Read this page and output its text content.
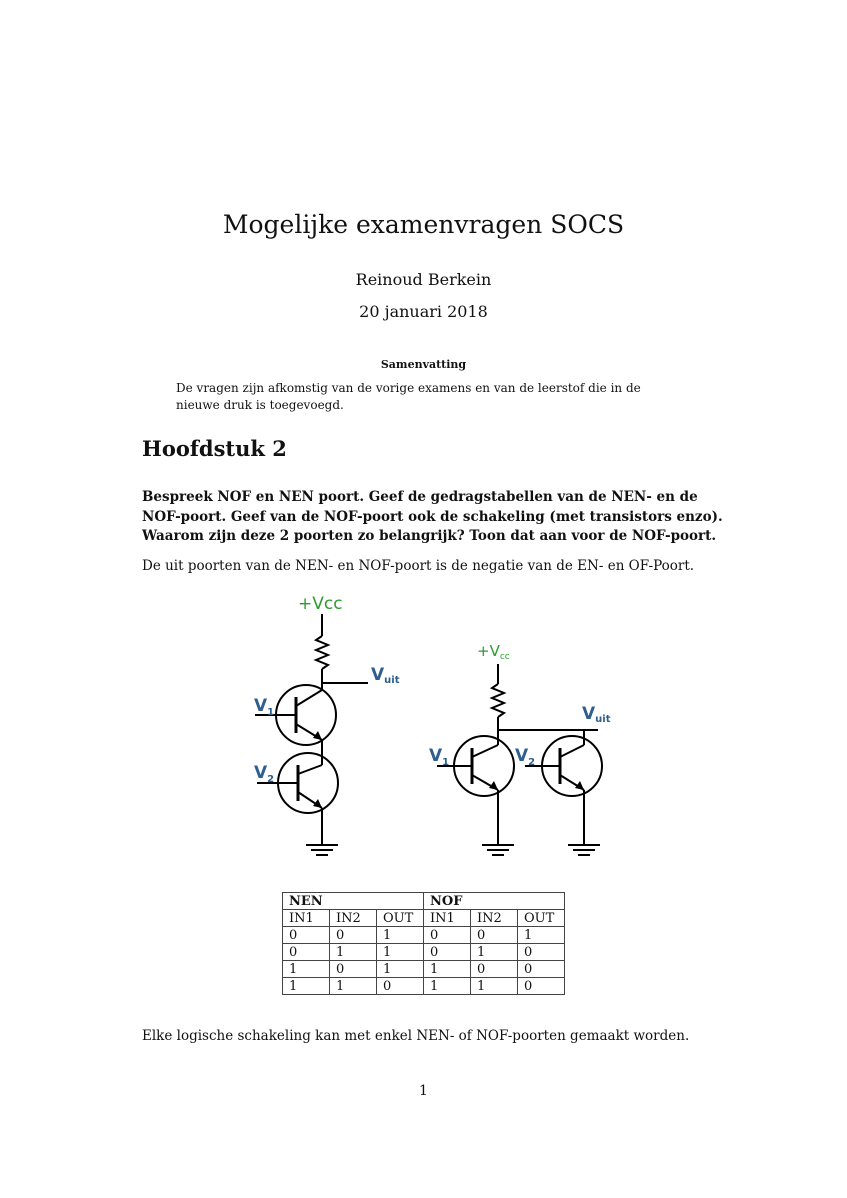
Mogelijke examenvragen SOCS
Reinoud Berkein
20 januari 2018
Samenvatting
De vragen zijn afkomstig van de vorige examens en van de leerstof die in de nieuwe druk is toegevoegd.
Hoofdstuk 2
Bespreek NOF en NEN poort. Geef de gedragstabellen van de NEN- en de NOF-poort. Geef van de NOF-poort ook de schakeling (met transistors enzo). Waarom zijn deze 2 poorten zo belangrijk? Toon dat aan voor de NOF-poort.
De uit poorten van de NEN- en NOF-poort is de negatie van de EN- en OF-Poort.
+Vcc
Vuit
$V_1$
$V_2$
$+V_{cc}$
Vuit
$V_1$	$V_2$
NEN			NOF		
IN1	IN2	OUT	IN1	IN2	OUT
0	0	1	0	0	1
0	1	1	0	1	0
1	0	1	1	0	0
1	1	0	1	1	0
Elke logische schakeling kan met enkel NEN- of NOF-poorten gemaakt worden.
1
